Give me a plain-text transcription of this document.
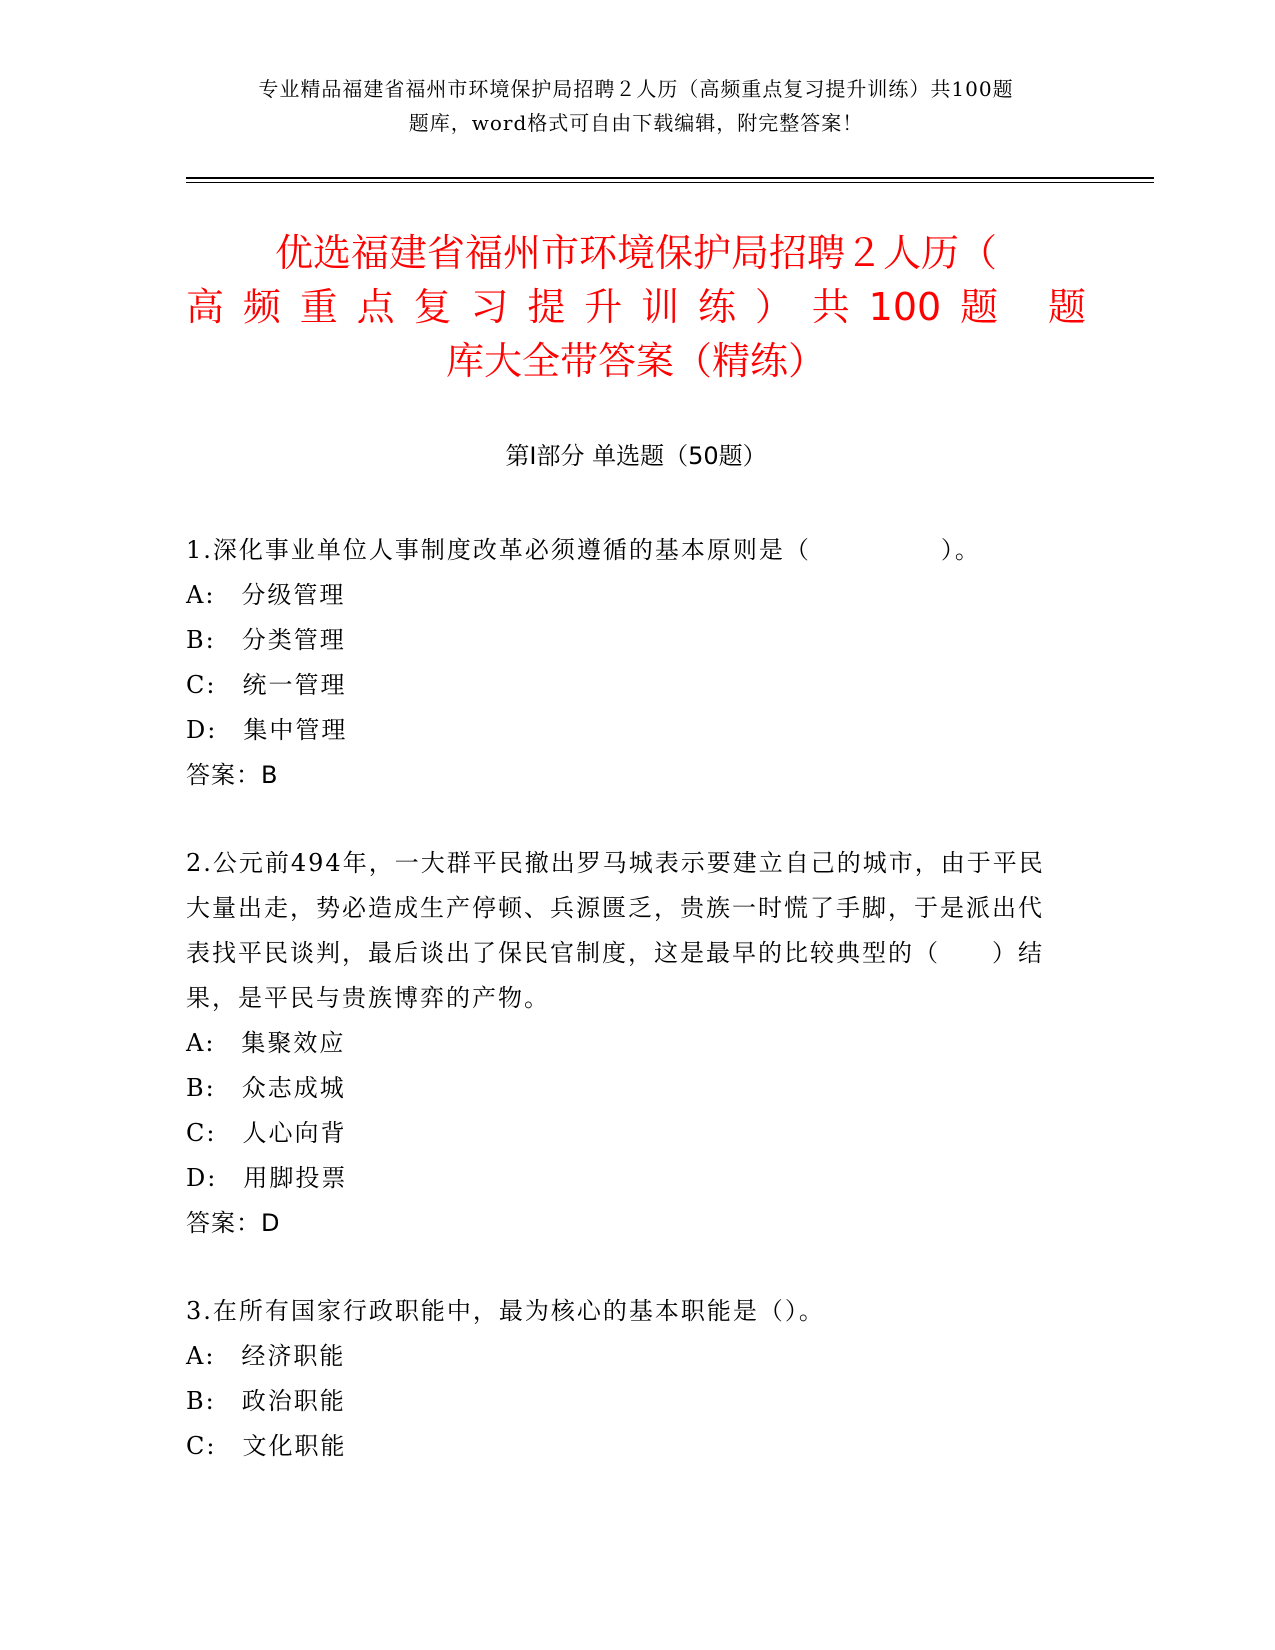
专业精品福建省福州市环境保护局招聘２人历（高频重点复习提升训练）共100题
题库，word格式可自由下载编辑，附完整答案！
优选福建省福州市环境保护局招聘２人历（
高频重点复习提升训练）共100题 题
库大全带答案（精练）
第Ⅰ部分 单选题（50题）

1.深化事业单位人事制度改革必须遵循的基本原则是（　　　　　）。

A:　分级管理

B:　分类管理

C:　统一管理

D:　集中管理

答案：B

2.公元前494年，一大群平民撤出罗马城表示要建立自己的城市，由于平民大量出走，势必造成生产停顿、兵源匮乏，贵族一时慌了手脚，于是派出代表找平民谈判，最后谈出了保民官制度，这是最早的比较典型的（　　）结果，是平民与贵族博弈的产物。

A:　集聚效应

B:　众志成城

C:　人心向背

D:　用脚投票

答案：D

3.在所有国家行政职能中，最为核心的基本职能是（）。

A:　经济职能

B:　政治职能

C:　文化职能
